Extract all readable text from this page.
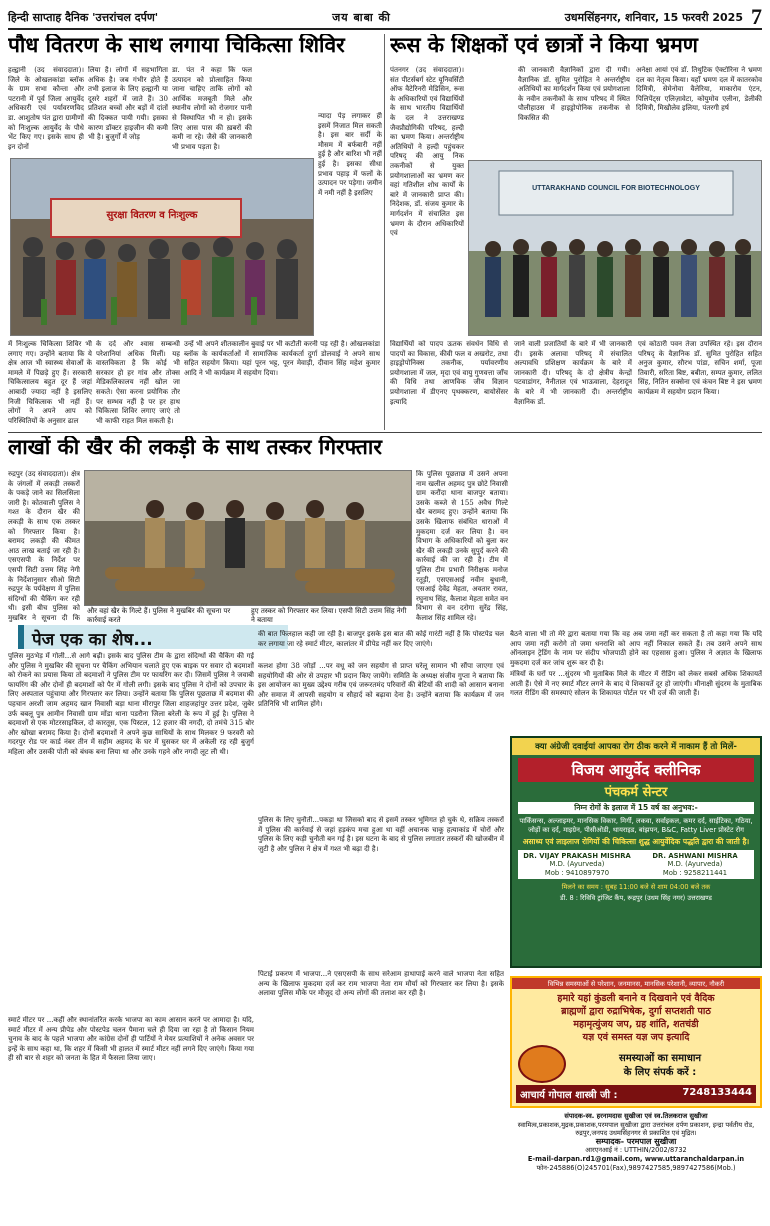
हिन्दी साप्ताह दैनिक 'उत्तरांचल दर्पण'	जय बाबा की	उधमसिंहनगर, शनिवार, 15 फरवरी 2025 7
पौध वितरण के साथ लगाया चिकित्सा शिविर
हल्द्वानी (उद संवाददाता)। जिले के ओखलकांडा ब्लॉक के ग्राम सभा कौन्ता और पटरानी में पूर्व जिला आयुर्वेद अधिकारी एवं पर्यावरणविद डा. आशुतोष पंत द्वारा ग्रामीणों को निःशुल्क आयुर्वेद के पौधे भेंट किए गए। इसके साथ ही इन दोनों
लिया है। लोगों में सहभागिता अधिक है। जब गंभीर होते हैं तभी इलाज के लिए हल्द्वानी या दूसरे शहरों में जाते हैं। 30 प्रतिशत बच्चों और बड़ों में दांतों की दिक्कत पायी गयी। इसका कारण डॉक्टर हाइजीन की कमी भी है। बुजुर्गों में जोड़
डा. पंत ने कहा कि फल उत्पादन को प्रोत्साहित किया जाना चाहिए ताकि लोगों को आर्थिक मजबूती मिले और स्थानीय लोगों को रोजगार पानी से विस्थापित भी न हो। इसके लिए आस पास की ख़बरों की कमी ना रहे। जैसे की जानकारी भी प्रभाव पड़ता है।
न्यादा पेड़ लगाकर ही इसमें निजात मिल सकती है। इस बार सर्दी के मौसम में बर्फबारी नहीं हुई है और बारिश भी नहीं हुई है। इसका सीधा प्रभाव पहाड़ में फलों के उत्पादन पर पड़ेगा। जमीन में नमी नहीं है इसलिए
सुरक्षा वितरण व निःशुल्क
में निःशुल्क चिकित्सा शिविर भी लगाए गए। उन्होंने बताया कि ये क्षेत्र आज भी स्वास्थ्य सेवाओं के मामले में पिछड़े हुए हैं। सरकारी चिकित्सालय बहुत दूर हैं जहां आबादी ज्यादा नहीं है इसलिए निजी चिकित्सक भी नहीं हैं। लोगों ने अपने आप को परिस्थितियों के अनुसार ढाल
के दर्द और श्वास सम्बन्धी परेशानियां अधिक मिलीं। यह वास्तविकता है कि कोई भी सरकार हो हर गांव और तोक्स मेडिकलिकालय नहीं खोल जा सकते। ऐसा करना प्रयोगिक तौर पर सम्भव नहीं है पर हर हाथ चिकित्सा शिविर लगाए जाएं तो भी काफी राहत मिल सकती है।
उन्हें भी अपने शीतकालीन बुवाई पर भी कटौती करनी पड़ रही है। ओखलकांडा ब्लॉक के कार्यकर्ताओं में सामाजिक कार्यकर्ता दुर्गा डोलवाई ने अपने साथ सहित सहयोग किया। यहां पूरन भट्ट, पूरन मेवाड़ी, दीवान सिंह महेश कुमार आदि ने भी कार्यक्रम में सहयोग दिया।
रूस के शिक्षकों एवं छात्रों ने किया भ्रमण
पंतनगर (उद संवाददाता)। संत पीटर्सबर्ग स्टेट यूनिवर्सिटी ऑफ वैटेरिनरी मेडिसिन, रूस के अधिकारियों एवं विद्यार्थियों के साथ भारतीय विद्यार्थियों के दल ने उत्तराखण्ड जैवप्रौद्योगिकी परिषद, हल्दी का भ्रमण किया। अन्तर्राष्ट्रीय अतिथियों ने हल्दी पहुंचकर परिषद् की आयु निक तकनीकों से युक्त प्रयोगशालाओं का भ्रमण कर वहां गतिशील शोध कार्यों के बारे में जानकारी प्राप्त की। निदेशक, डॉ. संजय कुमार के मार्गदर्शन में संचालित इस भ्रमण के दौरान अधिकारियों एवं
की जानकारी वैज्ञानिकों द्वारा दी गयी। वैज्ञानिक डॉ. सुमित पुरोहित ने अन्तर्राष्ट्रीय अतिथियों का मार्गदर्शन किया एवं प्रयोगशाला के नवीन तकनीकों के साथ परिषद में स्थित पौलीहाउस में हाइड्रोपोनिक तकनीक से विकसित की
अनेक्षा आयां एवं डॉ. तिथुटिक ऐक्टोरिना ने भ्रमण दल का नेतृत्व किया। यहाँ भ्रमण दल में कातरकोव दिमित्री, सेमेनोवा वैलेरिया, माकारोव एंटन, पिलिपेंट्स एलिज़ावेटा, कोयुमोव एलीना, डेलीकी दिमित्री, मिखौलेव इलिया, पंतरगी हर्ष
UTTARAKHAND COUNCIL FOR BIOTECHNOLOGY
विद्यार्थियों को पादप ऊतक संवर्धन विधि से पादपों का विकास, कीवी फल व अखरोट, तथा हाइड्रोपोनिक्स तकनीक, पर्यावरणीय प्रयोगशाला में जल, मृदा एवं वायु गुणवत्ता जाँच की विधि तथा आणविक जीव विज्ञान प्रयोगशाला में डीएनए पृथक्करण, बायोसेंसर इत्यादि
जाने वाली प्रजातियों के बारे में भी जानकारी दी। इसके अलावा परिषद् में संचालित अल्पावधि प्रशिक्षण कार्यक्रम के बारे में जानकारी दी। परिषद् के दो क्षेत्रीय केन्द्रों पटवाडांगर, नैनीताल एवं भाऊवाला, देहरादून के बारे में भी जानकारी दी। अन्तर्राष्ट्रीय वैज्ञानिक डॉ.
एवं कोठारी पवन तेजा उपस्थित रहे। इस दौरान परिषद् के वैज्ञानिक डॉ. सुमित पुरोहित सहित अनुज कुमार, सौरभ पांडा, सचिन शर्मा, पूजा तिवारी, सरिता बिष्ट, बबीता, सम्पत कुमार, ललित सिंह, नितिन सक्सेना एवं कंचन बिष्ट ने इस भ्रमण कार्यक्रम में सहयोग प्रदान किया।
लाखों की खैर की लकड़ी के साथ तस्कर गिरफ्तार
रुद्रपुर (उद संवाददाता)। क्षेत्र के जंगलों में लकड़ी तस्करों के पकड़े जाने का सिलसिला जारी है। कोतवाली पुलिस ने गश्त के दौरान खैर की लकड़ी के साथ एक तस्कर को गिरफ्तार किया है। बरामद लकड़ी की कीमत आठ लाख बताई जा रही है। एसएसपी के निर्देश पर एसपी सिटी उत्तम सिंह नेगी के निर्देशानुसार सीओ सिटी रुद्रपुर के पर्यवेक्षण में पुलिस संदिग्धों की चैकिंग कर रही थी। इसी बीच पुलिस को मुखबिर ने सूचना दी कि
कि पुलिस पूछताछ में उसने अपना नाम खलील अहमद पुत्र छोटे निवासी ग्राम करौंदा थाना बाजपुर बताया। उसके कब्जे से 155 अवैध गिल्टे खैर बरामद हुए। उन्होंने बताया कि उसके खिलाफ संबंधित धाराओं में मुकदमा दर्ज कर लिया है। वन विभाग के अधिकारियों को बुला कर खैर की लकड़ी उनके सुपुर्द करने की कार्रवाई की जा रही है। टीम में पुलिस टीम प्रभारी निरीक्षक मनोज रतूड़ी, एसएसआई नवीन बुधानी, एसआई देवेंद्र मेहता, अवतार रावत, रघुनाथ सिंह, कैलाश मेहता समेत वन विभाग से वन दरोगा सुरेंद्र सिंह, कैलाश सिंह शामिल रहे।
और वहां खैर के गिल्टे हैं। पुलिस ने मुखबिर की सूचना पर कार्रवाई करते
हुए तस्कर को गिरफ्तार कर लिया। एसपी सिटी उत्तम सिंह नेगी ने बताया
पेज एक का शेष...
पुलिस मुठभेड़ में गोली...से आगे बढ़ी। इसके बाद पुलिस टीम के द्वारा संदिग्धों की चैकिंग की गई और पुलिस ने मुखबिर की सूचना पर चैकिंग अभियान चलाते हुए एक बाइक पर सवार दो बदमाशों को रोकने का प्रयास किया तो बदमाशों ने पुलिस टीम पर फायरिंग कर दी। जिसमें पुलिस ने जवाबी फायरिंग की और दोनों ही बदमाशों को पैर में गोली लगी। इसके बाद पुलिस ने दोनों को उपचार के लिए अस्पताल पहुंचाया और गिरफ्तार कर लिया। उन्होंने बताया कि पुलिस पूछताछ में बदमाश की पहचान अरशी जाम अहमद खान निवासी बड़ा थाना मीरापुर जिला शाहजहांपुर उत्तर प्रदेश, जुबेर उर्फ बबलू पुत्र आमीन निवासी ग्राम मोंडा थाना पडरौना जिला बरेली के रूप में हुई है। पुलिस ने बदमाशों से एक मोटरसाइकिल, दो कारतूस, एक पिस्टल, 12 हजार की नगदी, दो तमंचे 315 बोर और खोखा बरामद किया है। दोनों बदमाशों ने अपने कुछ साथियों के साथ मिलकर 9 फरवरी को गदरपुर रोड पर कार्ड नंबर तीन में सहीम अहमद के घर में घुसकर घर में अकेली रह रही बुजुर्ग महिला और उसकी पोती को बंधक बना लिया था और उनके गहने और नगदी लूट ली थी।
स्मार्ट मीटर पर ...कहीं और स्थानांतरित करके भाजपा का काम आसान करने पर आमादा है। यदि, स्मार्ट मीटर में अन्य प्रीपेड और पोस्टपेड चलन पैमाना चले ही दिया जा रहा है तो किसान नियम चुनाव के बाद के पहले भाजपा और कांग्रेस दोनों ही पार्टियों ने मेयर प्रत्याशियों ने अनेक अवसर पर इन्हें के साथ कहा था, कि शहर में किसी भी हालत में स्मार्ट मीटर नहीं लगने दिए जाएंगे। किया गया ही सौ बार से शहर को जनता के हित में फैसला लिया जाए।
की बात फिलहाल कही जा रही है। बाजपुर इसके इस बात की कोई गारंटी नहीं है कि पोस्टपेड चल कर लगाया जा रहे स्मार्ट मीटर, कालांतर में प्रीपेड नहीं कर दिए जाएंगे।
कलश होगा 38 जोड़ों ...पर वधू को जन सहयोग से प्राप्त घरेलू सामान भी सौंपा जाएगा एवं सहयोगियों की ओर से उपहार भी प्रदान किए जायेंगे। समिति के अध्यक्ष संजीव गुप्ता ने बताया कि इस आयोजन का मुख्य उद्देश्य गरीब एवं जरूरतमंद परिवारों की बेटियों की शादी को आसान बनाना और समाज में आपसी सहयोग व सौहार्द को बढ़ावा देना है। उन्होंने बताया कि कार्यक्रम में जन प्रतिनिधि भी शामिल होंगे।
पुलिस के लिए चुनौती...पकड़ा था जिसको बाद से इसमें तस्कर भूमिगत हो चुके थे, सक्रिय तस्करों में पुलिस की कार्रवाई से जहां हड़कंप मचा हुआ था वहीं अचानक चाकू हत्याकांड में चोरों और पुलिस के लिए कड़ी चुनौती बन गई है। इस घटना के बाद से पुलिस लगातार तस्करों की खोजबीन में जुटी है और पुलिस ने क्षेत्र में गश्त भी बढ़ा दी है।
पिटाई प्रकरण में भाजपा...ने एसएसपी के साथ सरेआम हाथापाई करने वाले भाजपा नेता सहित अन्य के खिलाफ मुकदमा दर्ज कर राम भाजपा नेता राम मौर्या को गिरफ्तार कर लिया है। इसके अलावा पुलिस मौके पर मौजूद दो अन्य लोगों की तलाश कर रही है।
बैठने वाला भी तो मेरे द्वारा बताया गया कि वह अब जमा नहीं कर सकता है तो कहा गया कि यदि आप जमा नहीं करोगे तो जमा धनराशि को आप नहीं निकाल सकते हैं। तब उसने अपने साथ ऑनलाइन ट्रेडिंग के नाम पर संदीप भोजपाठी होने का एहसास हुआ। पुलिस ने अज्ञात के खिलाफ मुकदमा दर्ज कर जांच शुरू कर दी है।
मंत्रियों के घरों पर ...सुंदरम भी मुताबिक मिले के मीटर में रीडिंग को लेकर सबसे अधिक शिकायतें आती हैं। ऐसे में नए स्मार्ट मीटर लगने के बाद ये शिकायतें दूर हो जाएंगी। मीनाक्षी सुंदरम के मुताबिक गलत रीडिंग की समस्याएं सोलन के शिकायत पोर्टल पर भी दर्ज की जाती हैं।
क्या अंग्रेजी दवाईयां आपका रोग ठीक करने में नाकाम हैं तो मिलें-
विजय आयुर्वेद क्लीनिक
पंचकर्म सेन्टर
निम्न रोगों के इलाज में 15 वर्ष का अनुभव:-
पार्किंसन्स, अल्जाइमर, मानसिक विकार, मिर्गी, लकवा, सर्वाइकल, कमर दर्द, साईटिका, गठिया, जोड़ों का दर्द, माइग्रेन, पीसीओडी, थायराइड, बांझपन, B&C, Fatty Liver प्रोस्टेट रोग
असाध्य एवं लाइलाज रोगियों की चिकित्सा शुद्ध आयुर्वेदिक पद्धति द्वारा की जाती है।
DR. VIJAY PRAKASH MISHRA
M.D. (Ayurveda)
Mob : 9410897970
DR. ASHWANI MISHRA
M.D. (Ayurveda)
Mob : 9258211441
मिलने का समय : सुबह 11:00 बजे से शाम 04:00 बजे तक
डी. 8 : रिविवि ट्रांजिट कैंप, रूद्रपुर (उधम सिंह नगर) उत्तराखण्ड
विभिन्न समस्याओं से परेशान, जनमानस, मानसिक परेशानी, व्यापार, नौकरी
हमारे यहां कुंडली बनाने व दिखवाने एवं वैदिक
ब्राह्मणों द्वारा रुद्राभिषेक, दुर्गा सप्तशती पाठ
महामृत्युंजय जप, ग्रह शांति, शतचंडी
यज्ञ एवं समस्त यज्ञ जप इत्यादि
समस्याओं का समाधान
के लिए संपर्क करें :
आचार्य गोपाल शास्त्री जी :	7248133444
संपादक-स्व. हरनामदास सुखीजा एवं स्व.तिलकराज सुखीजा
स्वामित्व,प्रकाशक,मुद्रक,प्रकाशक,परमपाल सुखीजा द्वारा उत्तरांचल दर्पण प्रकाशन, इन्द्रा पर्वतीय रोड, रुद्रपुर,जनपद उधमसिंहनगर से प्रकाशित एवं मुद्रित।
सम्पादक- परमपाल सुखीजा
आरएनआई नं : UTTHIN/2002/8732
E-mail-darpan.rd1@gmail.com, www.uttaranchaldarpan.in
फोन-245886(O)245701(Fax),9897427585,9897427586(Mob.)
